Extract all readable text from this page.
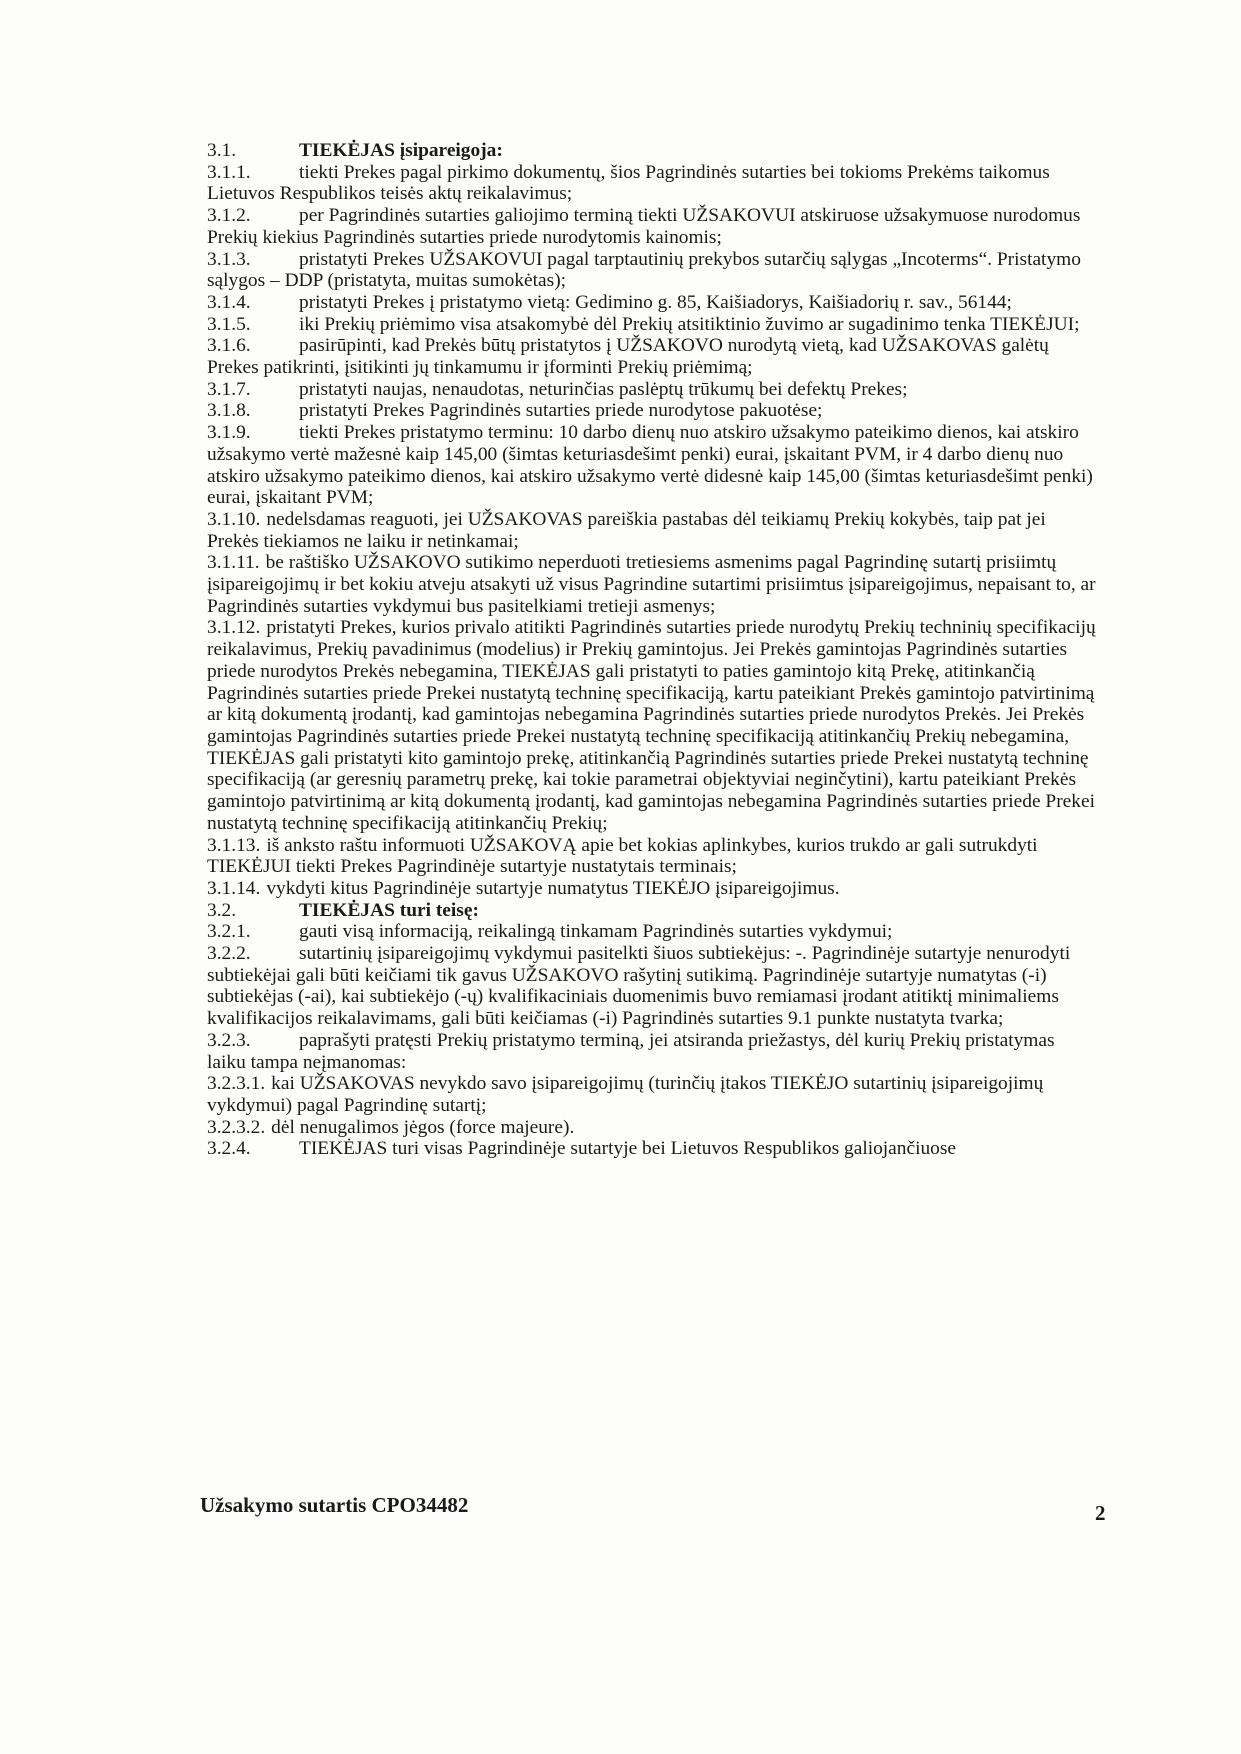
3.1.	TIEKĖJAS įsipareigoja:

3.1.1. tiekti Prekes pagal pirkimo dokumentų, šios Pagrindinės sutarties bei tokioms Prekėms taikomus Lietuvos Respublikos teisės aktų reikalavimus;

3.1.2. per Pagrindinės sutarties galiojimo terminą tiekti UŽSAKOVUI atskiruose užsakymuose nurodomus Prekių kiekius Pagrindinės sutarties priede nurodytomis kainomis;

3.1.3. pristatyti Prekes UŽSAKOVUI pagal tarptautinių prekybos sutarčių sąlygas „Incoterms“. Pristatymo sąlygos – DDP (pristatyta, muitas sumokėtas);

3.1.4. pristatyti Prekes į pristatymo vietą: Gedimino g. 85, Kaišiadorys, Kaišiadorių r. sav., 56144;

3.1.5. iki Prekių priėmimo visa atsakomybė dėl Prekių atsitiktinio žuvimo ar sugadinimo tenka TIEKĖJUI;

3.1.6. pasirūpinti, kad Prekės būtų pristatytos į UŽSAKOVO nurodytą vietą, kad UŽSAKOVAS galėtų Prekes patikrinti, įsitikinti jų tinkamumu ir įforminti Prekių priėmimą;

3.1.7. pristatyti naujas, nenaudotas, neturinčias paslėptų trūkumų bei defektų Prekes;

3.1.8. pristatyti Prekes Pagrindinės sutarties priede nurodytose pakuotėse;

3.1.9. tiekti Prekes pristatymo terminu: 10 darbo dienų nuo atskiro užsakymo pateikimo dienos, kai atskiro užsakymo vertė mažesnė kaip 145,00 (šimtas keturiasdešimt penki) eurai, įskaitant PVM, ir 4 darbo dienų nuo atskiro užsakymo pateikimo dienos, kai atskiro užsakymo vertė didesnė kaip 145,00 (šimtas keturiasdešimt penki) eurai, įskaitant PVM;

3.1.10. nedelsdamas reaguoti, jei UŽSAKOVAS pareiškia pastabas dėl teikiamų Prekių kokybės, taip pat jei Prekės tiekiamos ne laiku ir netinkamai;

3.1.11. be raštiško UŽSAKOVO sutikimo neperduoti tretiesiems asmenims pagal Pagrindinę sutartį prisiimtų įsipareigojimų ir bet kokiu atveju atsakyti už visus Pagrindine sutartimi prisiimtus įsipareigojimus, nepaisant to, ar Pagrindinės sutarties vykdymui bus pasitelkiami tretieji asmenys;

3.1.12. pristatyti Prekes, kurios privalo atitikti Pagrindinės sutarties priede nurodytų Prekių techninių specifikacijų reikalavimus, Prekių pavadinimus (modelius) ir Prekių gamintojus. Jei Prekės gamintojas Pagrindinės sutarties priede nurodytos Prekės nebegamina, TIEKĖJAS gali pristatyti to paties gamintojo kitą Prekę, atitinkančią Pagrindinės sutarties priede Prekei nustatytą techninę specifikaciją, kartu pateikiant Prekės gamintojo patvirtinimą ar kitą dokumentą įrodantį, kad gamintojas nebegamina Pagrindinės sutarties priede nurodytos Prekės. Jei Prekės gamintojas Pagrindinės sutarties priede Prekei nustatytą techninę specifikaciją atitinkančių Prekių nebegamina, TIEKĖJAS gali pristatyti kito gamintojo prekę, atitinkančią Pagrindinės sutarties priede Prekei nustatytą techninę specifikaciją (ar geresnių parametrų prekę, kai tokie parametrai objektyviai neginčytini), kartu pateikiant Prekės gamintojo patvirtinimą ar kitą dokumentą įrodantį, kad gamintojas nebegamina Pagrindinės sutarties priede Prekei nustatytą techninę specifikaciją atitinkančių Prekių;

3.1.13. iš anksto raštu informuoti UŽSAKOVĄ apie bet kokias aplinkybes, kurios trukdo ar gali sutrukdyti TIEKĖJUI tiekti Prekes Pagrindinėje sutartyje nustatytais terminais;

3.1.14. vykdyti kitus Pagrindinėje sutartyje numatytus TIEKĖJO įsipareigojimus.

3.2.	TIEKĖJAS turi teisę:

3.2.1. gauti visą informaciją, reikalingą tinkamam Pagrindinės sutarties vykdymui;

3.2.2. sutartinių įsipareigojimų vykdymui pasitelkti šiuos subtiekėjus: -. Pagrindinėje sutartyje nenurodyti subtiekėjai gali būti keičiami tik gavus UŽSAKOVO rašytinį sutikimą. Pagrindinėje sutartyje numatytas (-i) subtiekėjas (-ai), kai subtiekėjo (-ų) kvalifikaciniais duomenimis buvo remiamasi įrodant atitiktį minimaliems kvalifikacijos reikalavimams, gali būti keičiamas (-i) Pagrindinės sutarties 9.1 punkte nustatyta tvarka;

3.2.3. paprašyti pratęsti Prekių pristatymo terminą, jei atsiranda priežastys, dėl kurių Prekių pristatymas laiku tampa neįmanomas:

3.2.3.1. kai UŽSAKOVAS nevykdo savo įsipareigojimų (turinčių įtakos TIEKĖJO sutartinių įsipareigojimų vykdymui) pagal Pagrindinę sutartį;

3.2.3.2. dėl nenugalimos jėgos (force majeure).

3.2.4. TIEKĖJAS turi visas Pagrindinėje sutartyje bei Lietuvos Respublikos galiojančiuose

Užsakymo sutartis CPO34482	2
